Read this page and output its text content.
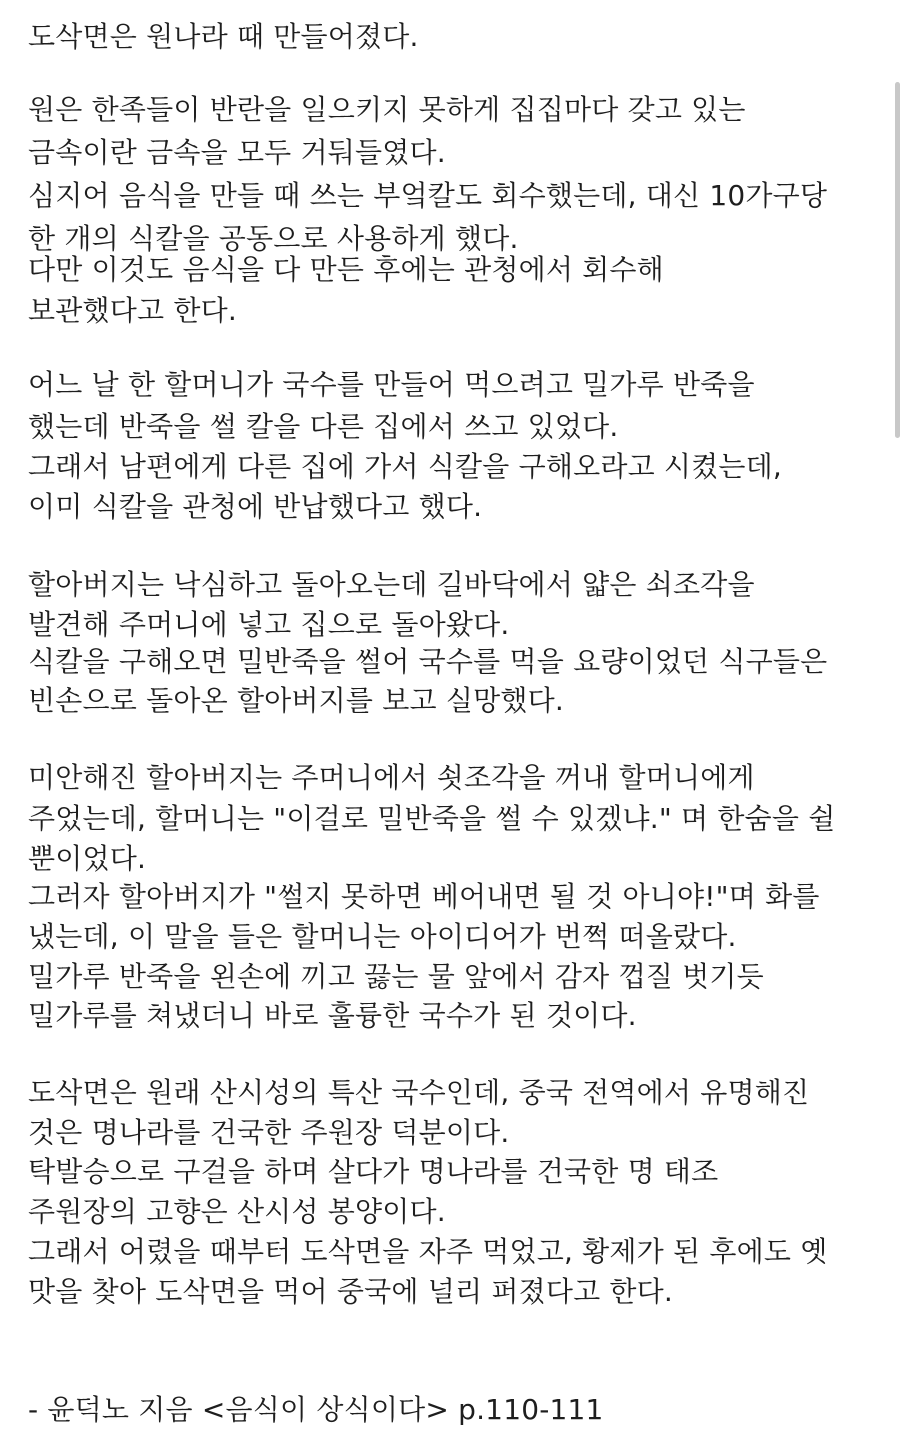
도삭면은 원나라 때 만들어졌다.
원은 한족들이 반란을 일으키지 못하게 집집마다 갖고 있는
금속이란 금속을 모두 거둬들였다.
심지어 음식을 만들 때 쓰는 부엌칼도 회수했는데, 대신 10가구당
한 개의 식칼을 공동으로 사용하게 했다.
다만 이것도 음식을 다 만든 후에는 관청에서 회수해
보관했다고 한다.
어느 날 한 할머니가 국수를 만들어 먹으려고 밀가루 반죽을
했는데 반죽을 썰 칼을 다른 집에서 쓰고 있었다.
그래서 남편에게 다른 집에 가서 식칼을 구해오라고 시켰는데,
이미 식칼을 관청에 반납했다고 했다.
할아버지는 낙심하고 돌아오는데 길바닥에서 얇은 쇠조각을
발견해 주머니에 넣고 집으로 돌아왔다.
식칼을 구해오면 밀반죽을 썰어 국수를 먹을 요량이었던 식구들은
빈손으로 돌아온 할아버지를 보고 실망했다.
미안해진 할아버지는 주머니에서 쇳조각을 꺼내 할머니에게
주었는데, 할머니는 "이걸로 밀반죽을 썰 수 있겠냐." 며 한숨을 쉴
뿐이었다.
그러자 할아버지가 "썰지 못하면 베어내면 될 것 아니야!"며 화를
냈는데, 이 말을 들은 할머니는 아이디어가 번쩍 떠올랐다.
밀가루 반죽을 왼손에 끼고 끓는 물 앞에서 감자 껍질 벗기듯
밀가루를 쳐냈더니 바로 훌륭한 국수가 된 것이다.
도삭면은 원래 산시성의 특산 국수인데, 중국 전역에서 유명해진
것은 명나라를 건국한 주원장 덕분이다.
탁발승으로 구걸을 하며 살다가 명나라를 건국한 명 태조
주원장의 고향은 산시성 봉양이다.
그래서 어렸을 때부터 도삭면을 자주 먹었고, 황제가 된 후에도 옛
맛을 찾아 도삭면을 먹어 중국에 널리 퍼졌다고 한다.
- 윤덕노 지음 <음식이 상식이다> p.110-111
